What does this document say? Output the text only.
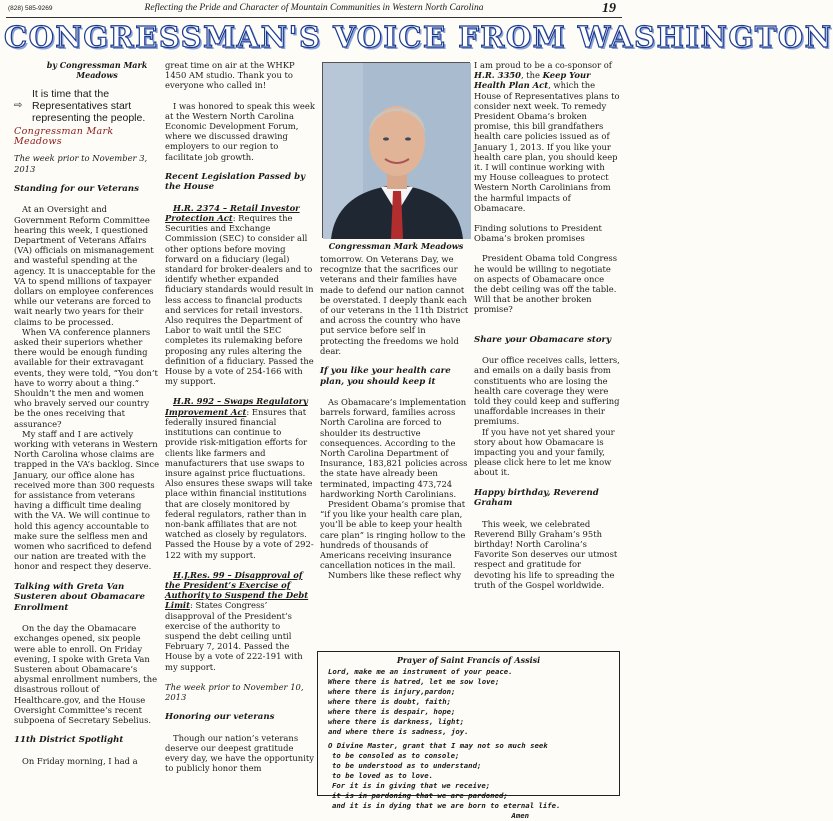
(828) 585-9269	Reflecting the Pride and Character of Mountain Communities in Western North Carolina	19
CONGRESSMAN'S VOICE FROM WASHINGTON
by Congressman Mark
Meadows
⇨
It is time that the
Representatives start
representing the people.
Congressman Mark Meadows

The week prior to November 3,
2013

Standing for our Veterans

At an Oversight and Government Reform Committee hearing this week, I questioned Department of Veterans Affairs (VA) officials on mismanagement and wasteful spending at the agency. It is unacceptable for the VA to spend millions of taxpayer dollars on employee conferences while our veterans are forced to wait nearly two years for their claims to be processed.

When VA conference planners asked their superiors whether there would be enough funding available for their extravagant events, they were told, “You don’t have to worry about a thing.” Shouldn’t the men and women who bravely served our country be the ones receiving that assurance?

My staff and I are actively working with veterans in Western North Carolina whose claims are trapped in the VA’s backlog. Since January, our office alone has received more than 300 requests for assistance from veterans having a difficult time dealing with the VA. We will continue to hold this agency accountable to make sure the selfless men and women who sacrificed to defend our nation are treated with the honor and respect they deserve.

Talking with Greta Van Susteren about Obamacare Enrollment

On the day the Obamacare exchanges opened, six people were able to enroll. On Friday evening, I spoke with Greta Van Susteren about Obamacare’s abysmal enrollment numbers, the disastrous rollout of Healthcare.gov, and the House Oversight Committee’s recent subpoena of Secretary Sebelius.

11th District Spotlight

On Friday morning, I had a

great time on air at the WHKP 1450 AM studio. Thank you to everyone who called in!

I was honored to speak this week at the Western North Carolina Economic Development Forum, where we discussed drawing employers to our region to facilitate job growth.

Recent Legislation Passed by the House

H.R. 2374 – Retail Investor Protection Act: Requires the Securities and Exchange Commission (SEC) to consider all other options before moving forward on a fiduciary (legal) standard for broker-dealers and to identify whether expanded fiduciary standards would result in less access to financial products and services for retail investors. Also requires the Department of Labor to wait until the SEC completes its rulemaking before proposing any rules altering the definition of a fiduciary. Passed the House by a vote of 254-166 with my support.

H.R. 992 – Swaps Regulatory Improvement Act: Ensures that federally insured financial institutions can continue to provide risk-mitigation efforts for clients like farmers and manufacturers that use swaps to insure against price fluctuations. Also ensures these swaps will take place within financial institutions that are closely monitored by federal regulators, rather than in non-bank affiliates that are not watched as closely by regulators. Passed the House by a vote of 292-122 with my support.

H.J.Res. 99 – Disapproval of the President’s Exercise of Authority to Suspend the Debt Limit: States Congress’ disapproval of the President’s exercise of the authority to suspend the debt ceiling until February 7, 2014. Passed the House by a vote of 222-191 with my support.

The week prior to November 10, 2013

Honoring our veterans

Though our nation’s veterans deserve our deepest gratitude every day, we have the opportunity to publicly honor them

Congressman Mark Meadows

tomorrow. On Veterans Day, we recognize that the sacrifices our veterans and their families have made to defend our nation cannot be overstated. I deeply thank each of our veterans in the 11th District and across the country who have put service before self in protecting the freedoms we hold dear.

If you like your health care plan, you should keep it

As Obamacare’s implementation barrels forward, families across North Carolina are forced to shoulder its destructive consequences. According to the North Carolina Department of Insurance, 183,821 policies across the state have already been terminated, impacting 473,724 hardworking North Carolinians.

President Obama’s promise that “if you like your health care plan, you’ll be able to keep your health care plan” is ringing hollow to the hundreds of thousands of Americans receiving insurance cancellation notices in the mail.

Numbers like these reflect why

I am proud to be a co-sponsor of H.R. 3350, the Keep Your Health Plan Act, which the House of Representatives plans to consider next week. To remedy President Obama’s broken promise, this bill grandfathers health care policies issued as of January 1, 2013. If you like your health care plan, you should keep it. I will continue working with my House colleagues to protect Western North Carolinians from the harmful impacts of Obamacare.

Finding solutions to President Obama’s broken promises

President Obama told Congress he would be willing to negotiate on aspects of Obamacare once the debt ceiling was off the table. Will that be another broken promise?

Share your Obamacare story

Our office receives calls, letters, and emails on a daily basis from constituents who are losing the health care coverage they were told they could keep and suffering unaffordable increases in their premiums.

If you have not yet shared your story about how Obamacare is impacting you and your family, please click here to let me know about it.

Happy birthday, Reverend Graham

This week, we celebrated Reverend Billy Graham’s 95th birthday! North Carolina’s Favorite Son deserves our utmost respect and gratitude for devoting his life to spreading the truth of the Gospel worldwide.

Prayer of Saint Francis of Assisi
Lord, make me an instrument of your peace.
Where there is hatred, let me sow love;
where there is injury,pardon;
where there is doubt, faith;
where there is despair, hope;
where there is darkness, light;
and where there is sadness, joy.
O Divine Master, grant that I may not so much seek
to be consoled as to console;
to be understood as to understand;
to be loved as to love.
For it is in giving that we receive;
it is in pardoning that we are pardoned;
and it is in dying that we are born to eternal life.
Amen
